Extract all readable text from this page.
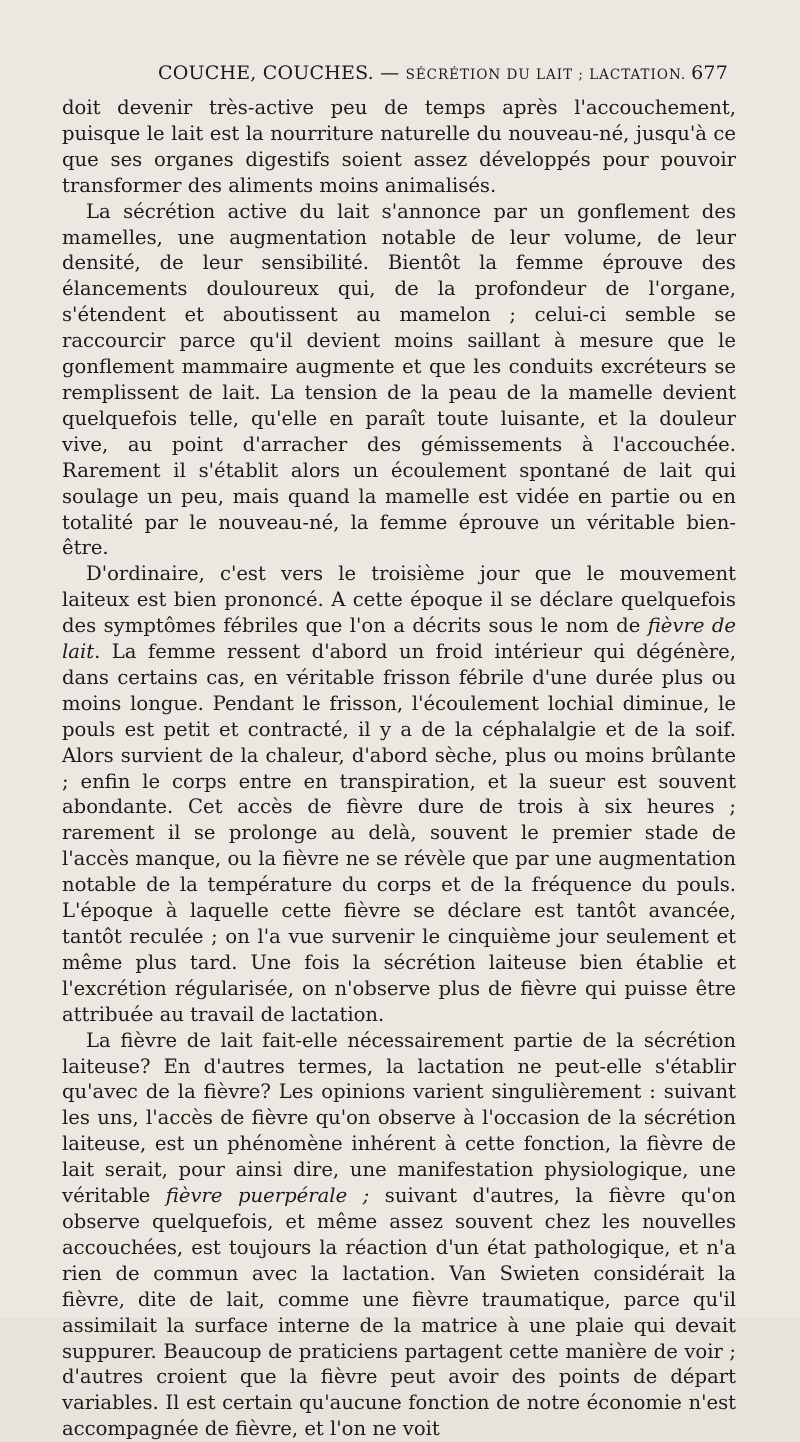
COUCHE, COUCHES. — SÉCRÉTION DU LAIT ; LACTATION. 677

doit devenir très-active peu de temps après l'accouchement, puisque le lait est la nourriture naturelle du nouveau-né, jusqu'à ce que ses organes digestifs soient assez développés pour pouvoir transformer des aliments moins animalisés.

La sécrétion active du lait s'annonce par un gonflement des mamelles, une augmentation notable de leur volume, de leur densité, de leur sensibilité. Bientôt la femme éprouve des élancements douloureux qui, de la profondeur de l'organe, s'étendent et aboutissent au mamelon ; celui-ci semble se raccourcir parce qu'il devient moins saillant à mesure que le gonflement mammaire augmente et que les conduits excréteurs se remplissent de lait. La tension de la peau de la mamelle devient quelquefois telle, qu'elle en paraît toute luisante, et la douleur vive, au point d'arracher des gémissements à l'accouchée. Rarement il s'établit alors un écoulement spontané de lait qui soulage un peu, mais quand la mamelle est vidée en partie ou en totalité par le nouveau-né, la femme éprouve un véritable bien-être.

D'ordinaire, c'est vers le troisième jour que le mouvement laiteux est bien prononcé. A cette époque il se déclare quelquefois des symptômes fébriles que l'on a décrits sous le nom de fièvre de lait. La femme ressent d'abord un froid intérieur qui dégénère, dans certains cas, en véritable frisson fébrile d'une durée plus ou moins longue. Pendant le frisson, l'écoulement lochial diminue, le pouls est petit et contracté, il y a de la céphalalgie et de la soif. Alors survient de la chaleur, d'abord sèche, plus ou moins brûlante ; enfin le corps entre en transpiration, et la sueur est souvent abondante. Cet accès de fièvre dure de trois à six heures ; rarement il se prolonge au delà, souvent le premier stade de l'accès manque, ou la fièvre ne se révèle que par une augmentation notable de la température du corps et de la fréquence du pouls. L'époque à laquelle cette fièvre se déclare est tantôt avancée, tantôt reculée ; on l'a vue survenir le cinquième jour seulement et même plus tard. Une fois la sécrétion laiteuse bien établie et l'excrétion régularisée, on n'observe plus de fièvre qui puisse être attribuée au travail de lactation.

La fièvre de lait fait-elle nécessairement partie de la sécrétion laiteuse? En d'autres termes, la lactation ne peut-elle s'établir qu'avec de la fièvre? Les opinions varient singulièrement : suivant les uns, l'accès de fièvre qu'on observe à l'occasion de la sécrétion laiteuse, est un phénomène inhérent à cette fonction, la fièvre de lait serait, pour ainsi dire, une manifestation physiologique, une véritable fièvre puerpérale ; suivant d'autres, la fièvre qu'on observe quelquefois, et même assez souvent chez les nouvelles accouchées, est toujours la réaction d'un état pathologique, et n'a rien de commun avec la lactation. Van Swieten considérait la fièvre, dite de lait, comme une fièvre traumatique, parce qu'il assimilait la surface interne de la matrice à une plaie qui devait suppurer. Beaucoup de praticiens partagent cette manière de voir ; d'autres croient que la fièvre peut avoir des points de départ variables. Il est certain qu'aucune fonction de notre économie n'est accompagnée de fièvre, et l'on ne voit
